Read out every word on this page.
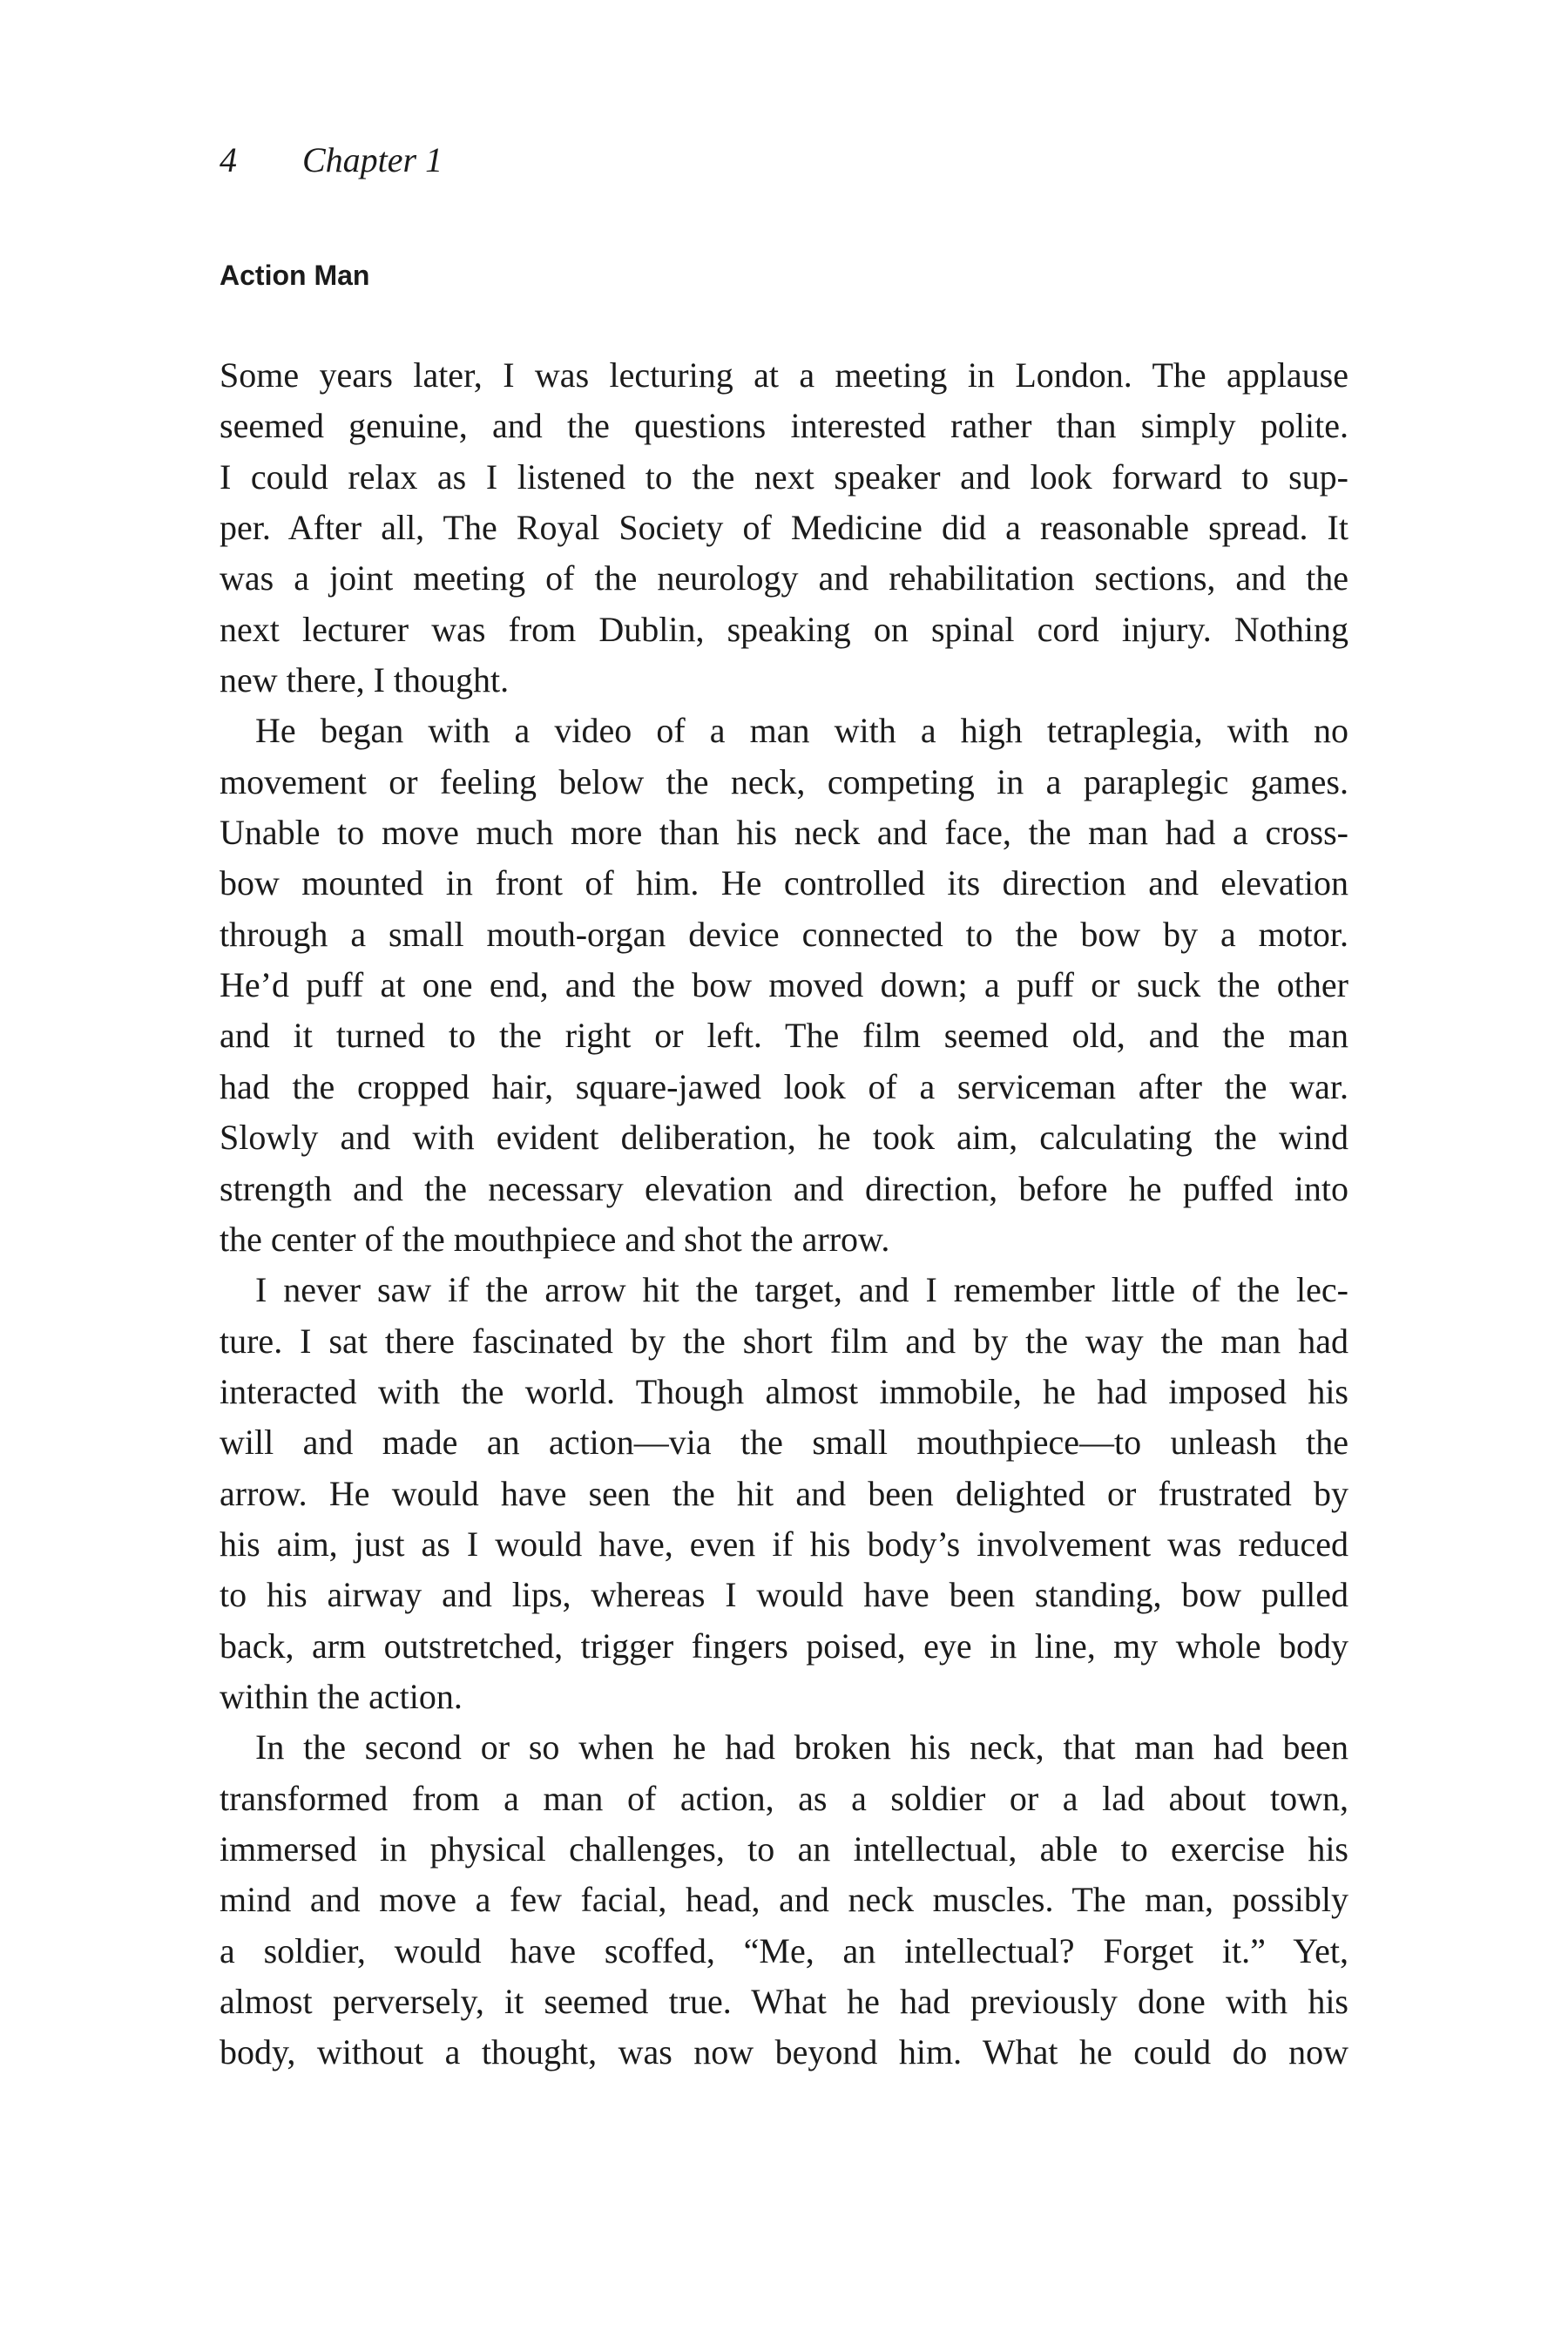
4 Chapter 1
Action Man
Some years later, I was lecturing at a meeting in London. The applause
seemed genuine, and the questions interested rather than simply polite.
I could relax as I listened to the next speaker and look forward to sup-
per. After all, The Royal Society of Medicine did a reasonable spread. It
was a joint meeting of the neurology and rehabilitation sections, and the
next lecturer was from Dublin, speaking on spinal cord injury. Nothing
new there, I thought.
He began with a video of a man with a high tetraplegia, with no
movement or feeling below the neck, competing in a paraplegic games.
Unable to move much more than his neck and face, the man had a cross-
bow mounted in front of him. He controlled its direction and elevation
through a small mouth-organ device connected to the bow by a motor.
He’d puff at one end, and the bow moved down; a puff or suck the other
and it turned to the right or left. The film seemed old, and the man
had the cropped hair, square-jawed look of a serviceman after the war.
Slowly and with evident deliberation, he took aim, calculating the wind
strength and the necessary elevation and direction, before he puffed into
the center of the mouthpiece and shot the arrow.
I never saw if the arrow hit the target, and I remember little of the lec-
ture. I sat there fascinated by the short film and by the way the man had
interacted with the world. Though almost immobile, he had imposed his
will and made an action—via the small mouthpiece—to unleash the
arrow. He would have seen the hit and been delighted or frustrated by
his aim, just as I would have, even if his body’s involvement was reduced
to his airway and lips, whereas I would have been standing, bow pulled
back, arm outstretched, trigger fingers poised, eye in line, my whole body
within the action.
In the second or so when he had broken his neck, that man had been
transformed from a man of action, as a soldier or a lad about town,
immersed in physical challenges, to an intellectual, able to exercise his
mind and move a few facial, head, and neck muscles. The man, possibly
a soldier, would have scoffed, “Me, an intellectual? Forget it.” Yet,
almost perversely, it seemed true. What he had previously done with his
body, without a thought, was now beyond him. What he could do now
